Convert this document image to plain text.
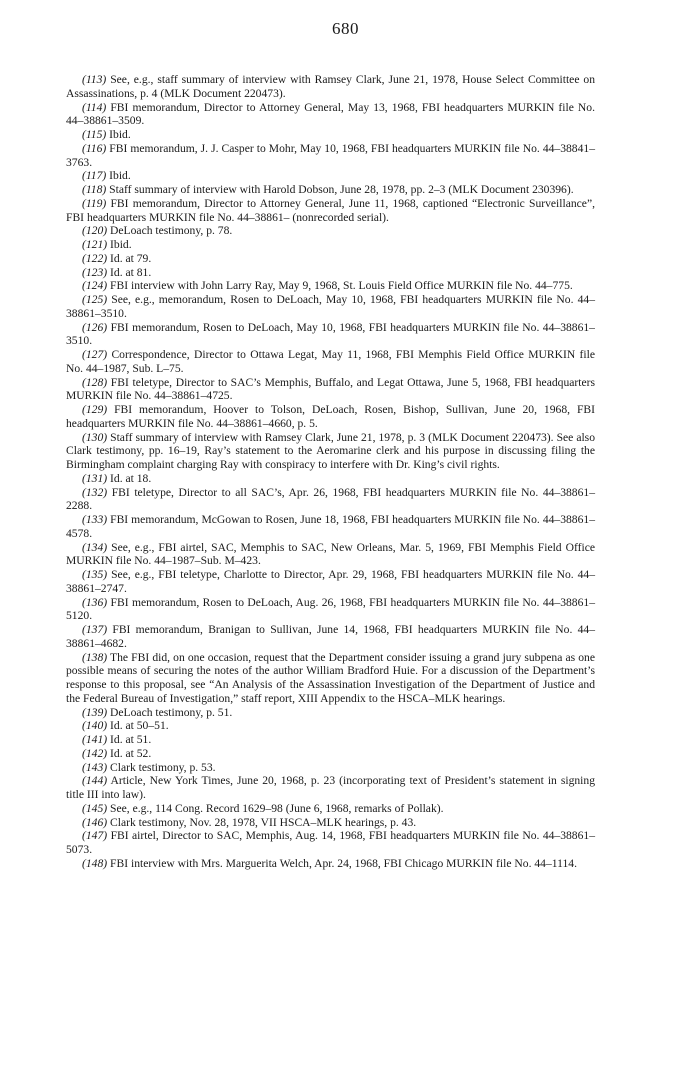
680

(113) See, e.g., staff summary of interview with Ramsey Clark, June 21, 1978, House Select Committee on Assassinations, p. 4 (MLK Document 220473).

(114) FBI memorandum, Director to Attorney General, May 13, 1968, FBI headquarters MURKIN file No. 44–38861–3509.

(115) Ibid.

(116) FBI memorandum, J. J. Casper to Mohr, May 10, 1968, FBI headquarters MURKIN file No. 44–38841–3763.

(117) Ibid.

(118) Staff summary of interview with Harold Dobson, June 28, 1978, pp. 2–3 (MLK Document 230396).

(119) FBI memorandum, Director to Attorney General, June 11, 1968, captioned “Electronic Surveillance”, FBI headquarters MURKIN file No. 44–38861– (nonrecorded serial).

(120) DeLoach testimony, p. 78.

(121) Ibid.

(122) Id. at 79.

(123) Id. at 81.

(124) FBI interview with John Larry Ray, May 9, 1968, St. Louis Field Office MURKIN file No. 44–775.

(125) See, e.g., memorandum, Rosen to DeLoach, May 10, 1968, FBI headquarters MURKIN file No. 44–38861–3510.

(126) FBI memorandum, Rosen to DeLoach, May 10, 1968, FBI headquarters MURKIN file No. 44–38861–3510.

(127) Correspondence, Director to Ottawa Legat, May 11, 1968, FBI Memphis Field Office MURKIN file No. 44–1987, Sub. L–75.

(128) FBI teletype, Director to SAC’s Memphis, Buffalo, and Legat Ottawa, June 5, 1968, FBI headquarters MURKIN file No. 44–38861–4725.

(129) FBI memorandum, Hoover to Tolson, DeLoach, Rosen, Bishop, Sullivan, June 20, 1968, FBI headquarters MURKIN file No. 44–38861–4660, p. 5.

(130) Staff summary of interview with Ramsey Clark, June 21, 1978, p. 3 (MLK Document 220473). See also Clark testimony, pp. 16–19, Ray’s statement to the Aeromarine clerk and his purpose in discussing filing the Birmingham complaint charging Ray with conspiracy to interfere with Dr. King’s civil rights.

(131) Id. at 18.

(132) FBI teletype, Director to all SAC’s, Apr. 26, 1968, FBI headquarters MURKIN file No. 44–38861–2288.

(133) FBI memorandum, McGowan to Rosen, June 18, 1968, FBI headquarters MURKIN file No. 44–38861–4578.

(134) See, e.g., FBI airtel, SAC, Memphis to SAC, New Orleans, Mar. 5, 1969, FBI Memphis Field Office MURKIN file No. 44–1987–Sub. M–423.

(135) See, e.g., FBI teletype, Charlotte to Director, Apr. 29, 1968, FBI headquarters MURKIN file No. 44–38861–2747.

(136) FBI memorandum, Rosen to DeLoach, Aug. 26, 1968, FBI headquarters MURKIN file No. 44–38861–5120.

(137) FBI memorandum, Branigan to Sullivan, June 14, 1968, FBI headquarters MURKIN file No. 44–38861–4682.

(138) The FBI did, on one occasion, request that the Department consider issuing a grand jury subpena as one possible means of securing the notes of the author William Bradford Huie. For a discussion of the Department’s response to this proposal, see “An Analysis of the Assassination Investigation of the Department of Justice and the Federal Bureau of Investigation,” staff report, XIII Appendix to the HSCA–MLK hearings.

(139) DeLoach testimony, p. 51.

(140) Id. at 50–51.

(141) Id. at 51.

(142) Id. at 52.

(143) Clark testimony, p. 53.

(144) Article, New York Times, June 20, 1968, p. 23 (incorporating text of President’s statement in signing title III into law).

(145) See, e.g., 114 Cong. Record 1629–98 (June 6, 1968, remarks of Pollak).

(146) Clark testimony, Nov. 28, 1978, VII HSCA–MLK hearings, p. 43.

(147) FBI airtel, Director to SAC, Memphis, Aug. 14, 1968, FBI headquarters MURKIN file No. 44–38861–5073.

(148) FBI interview with Mrs. Marguerita Welch, Apr. 24, 1968, FBI Chicago MURKIN file No. 44–1114.
